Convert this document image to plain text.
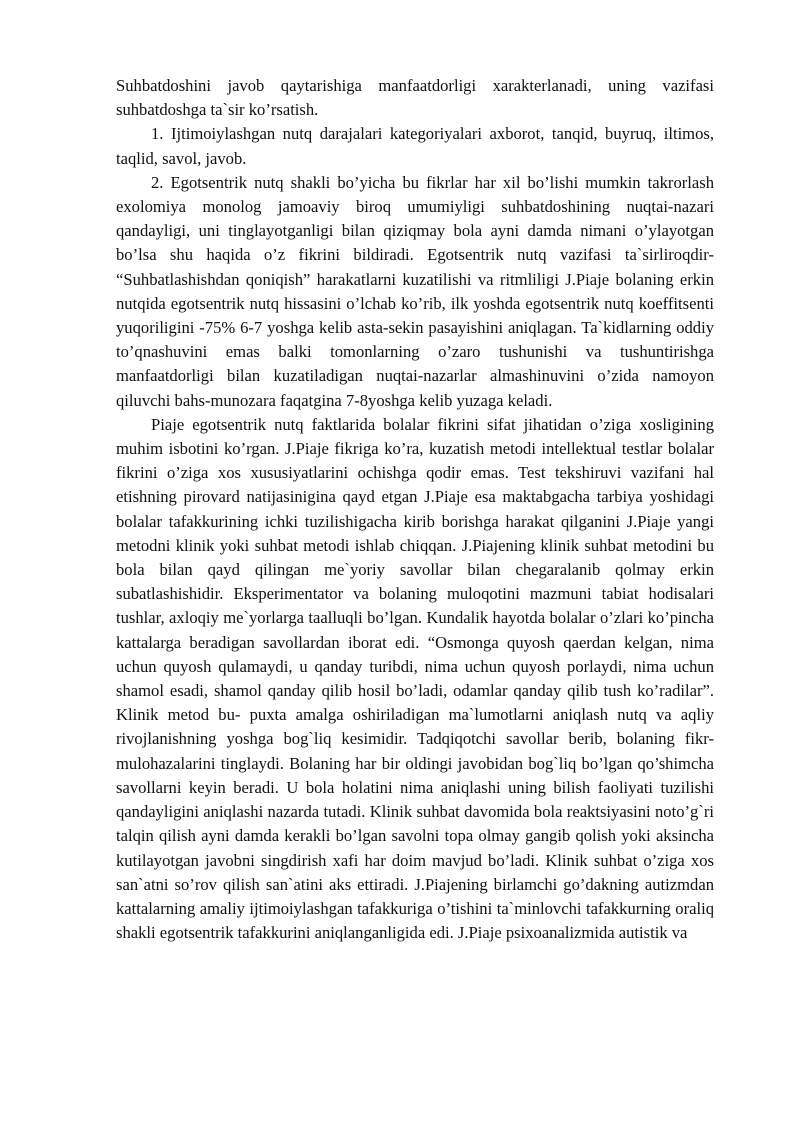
Suhbatdoshini javob qaytarishiga manfaatdorligi xarakterlanadi, uning vazifasi suhbatdoshga ta`sir ko’rsatish.

1. Ijtimoiylashgan nutq darajalari kategoriyalari axborot, tanqid, buyruq, iltimos, taqlid, savol, javob.

2. Egotsentrik nutq shakli bo’yicha bu fikrlar har xil bo’lishi mumkin takrorlash exolomiya monolog jamoaviy biroq umumiyligi suhbatdoshining nuqtai-nazari qandayligi, uni tinglayotganligi bilan qiziqmay bola ayni damda nimani o’ylayotgan bo’lsa shu haqida o’z fikrini bildiradi. Egotsentrik nutq vazifasi ta`sirliroqdir- “Suhbatlashishdan qoniqish” harakatlarni kuzatilishi va ritmliligi J.Piaje bolaning erkin nutqida egotsentrik nutq hissasini o’lchab ko’rib, ilk yoshda egotsentrik nutq koeffitsenti yuqoriligini -75% 6-7 yoshga kelib asta-sekin pasayishini aniqlagan. Ta`kidlarning oddiy to’qnashuvini emas balki tomonlarning o’zaro tushunishi va tushuntirishga manfaatdorligi bilan kuzatiladigan nuqtai-nazarlar almashinuvini o’zida namoyon qiluvchi bahs-munozara faqatgina 7-8yoshga kelib yuzaga keladi.

Piaje egotsentrik nutq faktlarida bolalar fikrini sifat jihatidan o’ziga xosligining muhim isbotini ko’rgan. J.Piaje fikriga ko’ra, kuzatish metodi intellektual testlar bolalar fikrini o’ziga xos xususiyatlarini ochishga qodir emas. Test tekshiruvi vazifani hal etishning pirovard natijasinigina qayd etgan J.Piaje esa maktabgacha tarbiya yoshidagi bolalar tafakkurining ichki tuzilishigacha kirib borishga harakat qilganini J.Piaje yangi metodni klinik yoki suhbat metodi ishlab chiqqan. J.Piajening klinik suhbat metodini bu bola bilan qayd qilingan me`yoriy savollar bilan chegaralanib qolmay erkin subatlashishidir. Eksperimentator va bolaning muloqotini mazmuni tabiat hodisalari tushlar, axloqiy me`yorlarga taalluqli bo’lgan. Kundalik hayotda bolalar o’zlari ko’pincha kattalarga beradigan savollardan iborat edi. “Osmonga quyosh qaerdan kelgan, nima uchun quyosh qulamaydi, u qanday turibdi, nima uchun quyosh porlaydi, nima uchun shamol esadi, shamol qanday qilib hosil bo’ladi, odamlar qanday qilib tush ko’radilar”. Klinik metod bu- puxta amalga oshiriladigan ma`lumotlarni aniqlash nutq va aqliy rivojlanishning yoshga bog`liq kesimidir. Tadqiqotchi savollar berib, bolaning fikr-mulohazalarini tinglaydi. Bolaning har bir oldingi javobidan bog`liq bo’lgan qo’shimcha savollarni keyin beradi. U bola holatini nima aniqlashi uning bilish faoliyati tuzilishi qandayligini aniqlashi nazarda tutadi. Klinik suhbat davomida bola reaktsiyasini noto’g`ri talqin qilish ayni damda kerakli bo’lgan savolni topa olmay gangib qolish yoki aksincha kutilayotgan javobni singdirish xafi har doim mavjud bo’ladi. Klinik suhbat o’ziga xos san`atni so’rov qilish san`atini aks ettiradi. J.Piajening birlamchi go’dakning autizmdan kattalarning amaliy ijtimoiylashgan tafakkuriga o’tishini ta`minlovchi tafakkurning oraliq shakli egotsentrik tafakkurini aniqlanganligida edi. J.Piaje psixoanalizmida autistik va
